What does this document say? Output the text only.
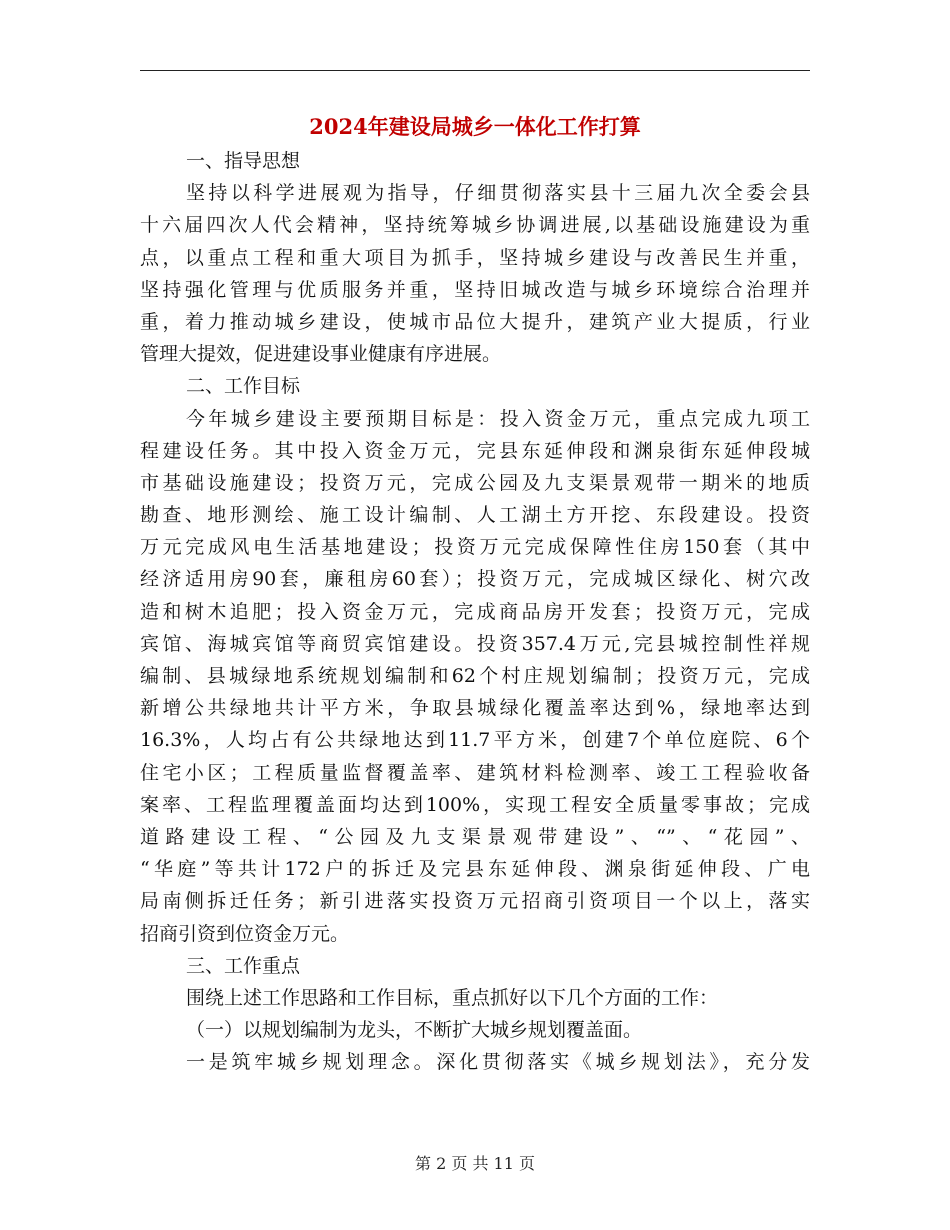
2024年建设局城乡一体化工作打算
一、指导思想
坚持以科学进展观为指导，仔细贯彻落实县十三届九次全委会县
十六届四次人代会精神，坚持统筹城乡协调进展,以基础设施建设为重
点，以重点工程和重大项目为抓手，坚持城乡建设与改善民生并重，
坚持强化管理与优质服务并重，坚持旧城改造与城乡环境综合治理并
重，着力推动城乡建设，使城市品位大提升，建筑产业大提质，行业
管理大提效，促进建设事业健康有序进展。
二、工作目标
今年城乡建设主要预期目标是：投入资金万元，重点完成九项工
程建设任务。其中投入资金万元，完县东延伸段和渊泉街东延伸段城
市基础设施建设；投资万元，完成公园及九支渠景观带一期米的地质
勘查、地形测绘、施工设计编制、人工湖土方开挖、东段建设。投资
万元完成风电生活基地建设；投资万元完成保障性住房150套（其中
经济适用房90套，廉租房60套）；投资万元，完成城区绿化、树穴改
造和树木追肥；投入资金万元，完成商品房开发套；投资万元，完成
宾馆、海城宾馆等商贸宾馆建设。投资357.4万元,完县城控制性祥规
编制、县城绿地系统规划编制和62个村庄规划编制；投资万元，完成
新增公共绿地共计平方米，争取县城绿化覆盖率达到%，绿地率达到
16.3%，人均占有公共绿地达到11.7平方米，创建7个单位庭院、6个
住宅小区；工程质量监督覆盖率、建筑材料检测率、竣工工程验收备
案率、工程监理覆盖面均达到100%，实现工程安全质量零事故；完成
道路建设工程、“公园及九支渠景观带建设”、“”、“花园”、
“华庭”等共计172户的拆迁及完县东延伸段、渊泉街延伸段、广电
局南侧拆迁任务；新引进落实投资万元招商引资项目一个以上，落实
招商引资到位资金万元。
三、工作重点
围绕上述工作思路和工作目标，重点抓好以下几个方面的工作：
（一）以规划编制为龙头，不断扩大城乡规划覆盖面。
一是筑牢城乡规划理念。深化贯彻落实《城乡规划法》，充分发
第 2 页 共 11 页
